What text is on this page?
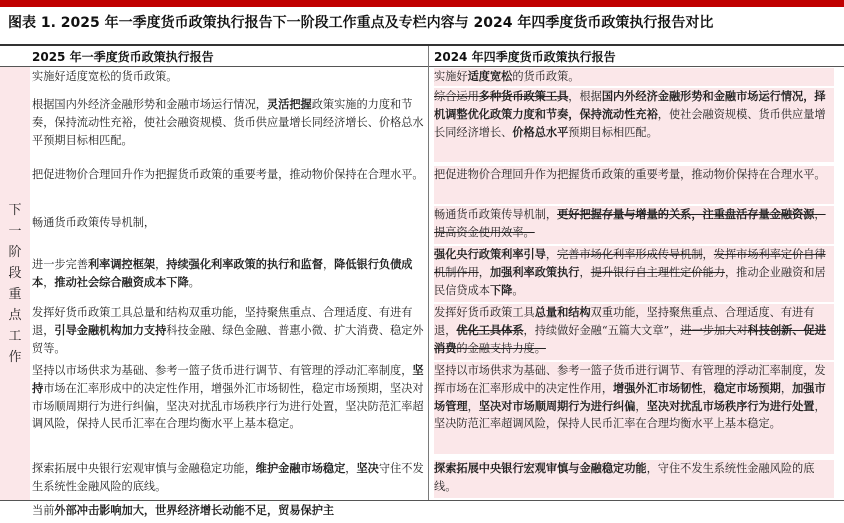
图表 1. 2025 年一季度货币政策执行报告下一阶段工作重点及专栏内容与 2024 年四季度货币政策执行报告对比
2025 年一季度货币政策执行报告	2024 年四季度货币政策执行报告
下
一
阶
段
重
点
工
作
实施好适度宽松的货币政策。	实施好适度宽松的货币政策。
根据国内外经济金融形势和金融市场运行情况，灵活把握政策实施的力度和节奏，保持流动性充裕，使社会融资规模、货币供应量增长同经济增长、价格总水平预期目标相匹配。
综合运用多种货币政策工具，根据国内外经济金融形势和金融市场运行情况，择机调整优化政策力度和节奏，保持流动性充裕，使社会融资规模、货币供应量增长同经济增长、价格总水平预期目标相匹配。
把促进物价合理回升作为把握货币政策的重要考量，推动物价保持在合理水平。 把促进物价合理回升作为把握货币政策的重要考量，推动物价保持在合理水平。
畅通货币政策传导机制，
畅通货币政策传导机制，更好把握存量与增量的关系，注重盘活存量金融资源，提高资金使用效率。
进一步完善利率调控框架，持续强化利率政策的执行和监督，降低银行负债成本，推动社会综合融资成本下降。
强化央行政策利率引导，完善市场化利率形成传导机制，发挥市场利率定价自律机制作用，加强利率政策执行，提升银行自主理性定价能力，推动企业融资和居民信贷成本下降。
发挥好货币政策工具总量和结构双重功能，坚持聚焦重点、合理适度、有进有退，引导金融机构加力支持科技金融、绿色金融、普惠小微、扩大消费、稳定外贸等。
发挥好货币政策工具总量和结构双重功能，坚持聚焦重点、合理适度、有进有退，优化工具体系，持续做好金融“五篇大文章”，进一步加大对科技创新、促进消费的金融支持力度。
坚持以市场供求为基础、参考一篮子货币进行调节、有管理的浮动汇率制度，坚持市场在汇率形成中的决定性作用，增强外汇市场韧性，稳定市场预期，坚决对市场顺周期行为进行纠偏，坚决对扰乱市场秩序行为进行处置，坚决防范汇率超调风险，保持人民币汇率在合理均衡水平上基本稳定。
坚持以市场供求为基础、参考一篮子货币进行调节、有管理的浮动汇率制度，发挥市场在汇率形成中的决定性作用，增强外汇市场韧性，稳定市场预期，加强市场管理，坚决对市场顺周期行为进行纠偏，坚决对扰乱市场秩序行为进行处置，坚决防范汇率超调风险，保持人民币汇率在合理均衡水平上基本稳定。
探索拓展中央银行宏观审慎与金融稳定功能，维护金融市场稳定，坚决守住不发生系统性金融风险的底线。
探索拓展中央银行宏观审慎与金融稳定功能，守住不发生系统性金融风险的底线。
当前外部冲击影响加大，世界经济增长动能不足，贸易保护主
